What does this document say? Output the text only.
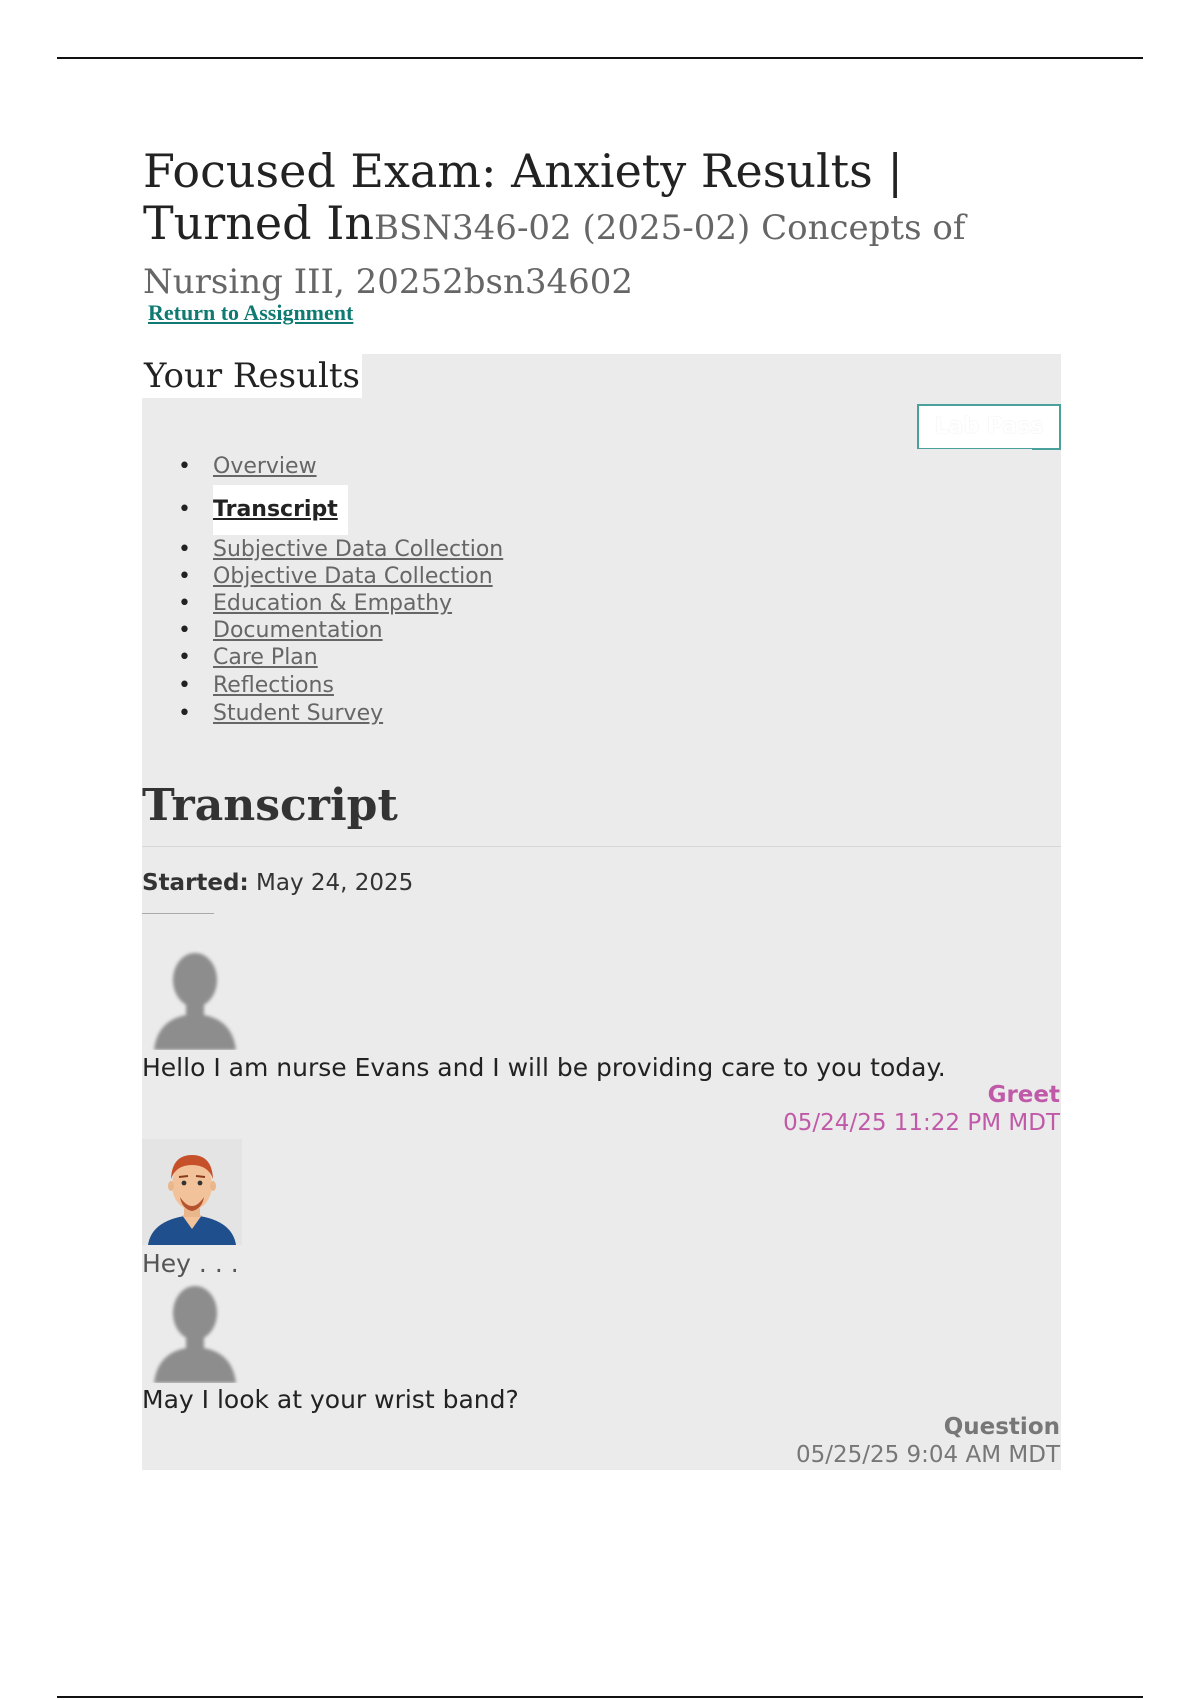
Focused Exam: Anxiety Results | Turned InBSN346-02 (2025-02) Concepts of Nursing III, 20252bsn34602
Return to Assignment
Your Results
Lab Pass
• Overview
• Transcript
• Subjective Data Collection
• Objective Data Collection
• Education & Empathy
• Documentation
• Care Plan
• Reflections
• Student Survey
Transcript
Started: May 24, 2025
Hello I am nurse Evans and I will be providing care to you today.
Greet
05/24/25 11:22 PM MDT
Hey . . .
May I look at your wrist band?
Question
05/25/25 9:04 AM MDT
